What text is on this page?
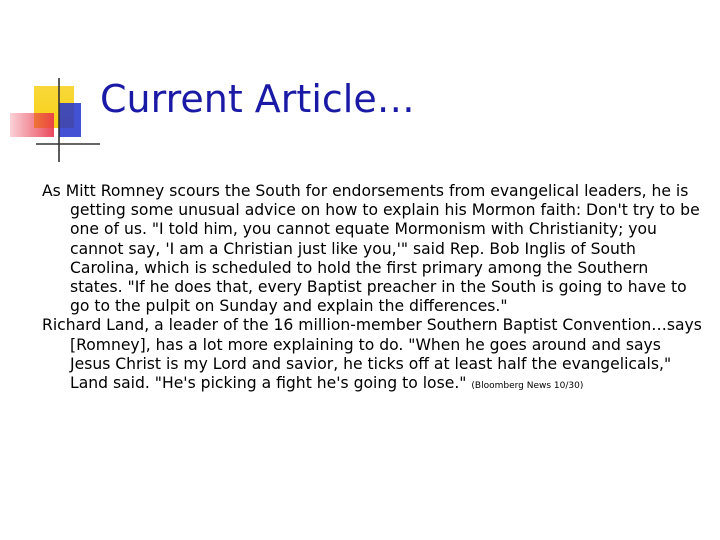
Current Article…

As Mitt Romney scours the South for endorsements from evangelical leaders, he is getting some unusual advice on how to explain his Mormon faith: Don't try to be one of us. "I told him, you cannot equate Mormonism with Christianity; you cannot say, 'I am a Christian just like you,'" said Rep. Bob Inglis of South Carolina, which is scheduled to hold the first primary among the Southern states. "If he does that, every Baptist preacher in the South is going to have to go to the pulpit on Sunday and explain the differences."

Richard Land, a leader of the 16 million-member Southern Baptist Convention…says [Romney], has a lot more explaining to do. "When he goes around and says Jesus Christ is my Lord and savior, he ticks off at least half the evangelicals," Land said. "He's picking a fight he's going to lose." (Bloomberg News 10/30)
